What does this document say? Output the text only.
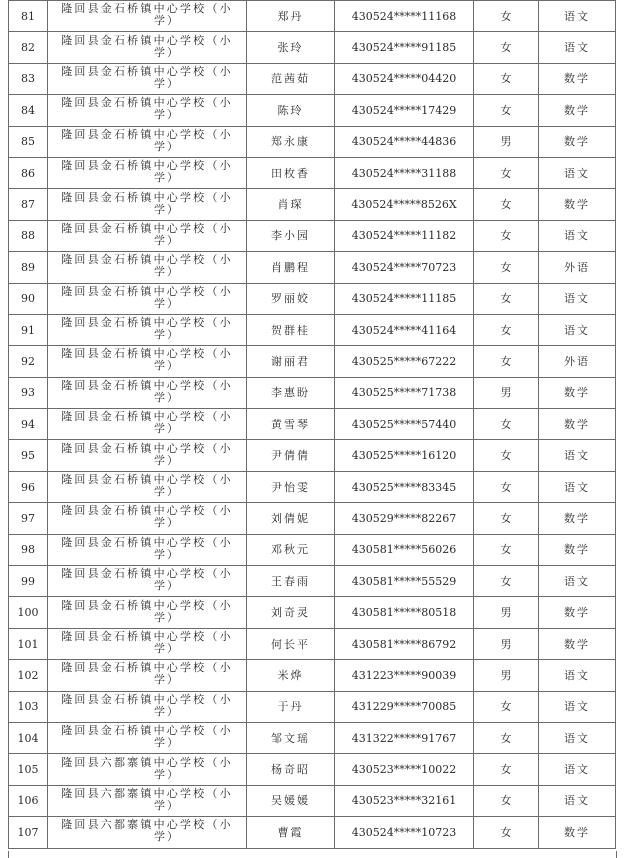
81	隆回县金石桥镇中心学校（小
学）	郑丹	430524*****11168	女	语文
82	隆回县金石桥镇中心学校（小
学）	张玲	430524*****91185	女	语文
83	隆回县金石桥镇中心学校（小
学）	范茜茹	430524*****04420	女	数学
84	隆回县金石桥镇中心学校（小
学）	陈玲	430524*****17429	女	数学
85	隆回县金石桥镇中心学校（小
学）	郑永康	430524*****44836	男	数学
86	隆回县金石桥镇中心学校（小
学）	田枚香	430524*****31188	女	语文
87	隆回县金石桥镇中心学校（小
学）	肖琛	430524*****8526X	女	数学
88	隆回县金石桥镇中心学校（小
学）	李小园	430524*****11182	女	语文
89	隆回县金石桥镇中心学校（小
学）	肖鹏程	430524*****70723	女	外语
90	隆回县金石桥镇中心学校（小
学）	罗丽姣	430524*****11185	女	语文
91	隆回县金石桥镇中心学校（小
学）	贺群桂	430524*****41164	女	语文
92	隆回县金石桥镇中心学校（小
学）	谢丽君	430525*****67222	女	外语
93	隆回县金石桥镇中心学校（小
学）	李惠盼	430525*****71738	男	数学
94	隆回县金石桥镇中心学校（小
学）	黄雪琴	430525*****57440	女	数学
95	隆回县金石桥镇中心学校（小
学）	尹倩倩	430525*****16120	女	语文
96	隆回县金石桥镇中心学校（小
学）	尹怡雯	430525*****83345	女	语文
97	隆回县金石桥镇中心学校（小
学）	刘倩妮	430529*****82267	女	数学
98	隆回县金石桥镇中心学校（小
学）	邓秋元	430581*****56026	女	数学
99	隆回县金石桥镇中心学校（小
学）	王春雨	430581*****55529	女	语文
100	隆回县金石桥镇中心学校（小
学）	刘奇灵	430581*****80518	男	数学
101	隆回县金石桥镇中心学校（小
学）	何长平	430581*****86792	男	数学
102	隆回县金石桥镇中心学校（小
学）	米烨	431223*****90039	男	语文
103	隆回县金石桥镇中心学校（小
学）	于丹	431229*****70085	女	语文
104	隆回县金石桥镇中心学校（小
学）	邹文瑶	431322*****91767	女	语文
105	隆回县六都寨镇中心学校（小
学）	杨奇昭	430523*****10022	女	语文
106	隆回县六都寨镇中心学校（小
学）	吴媛媛	430523*****32161	女	语文
107	隆回县六都寨镇中心学校（小
学）	曹霞	430524*****10723	女	数学
